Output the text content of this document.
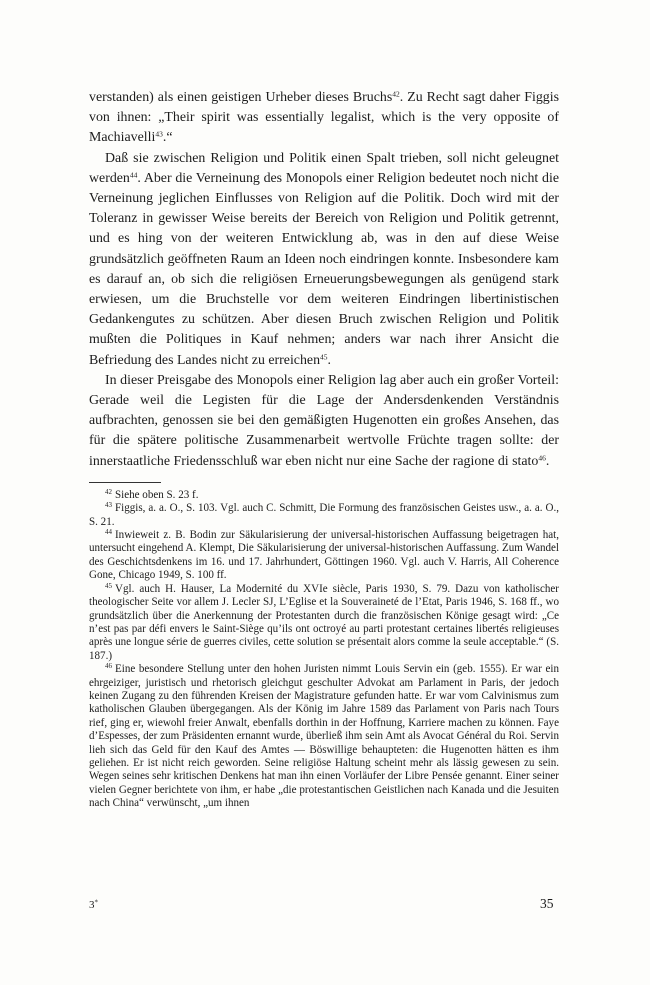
verstanden) als einen geistigen Urheber dieses Bruchs$^{42}$. Zu Recht sagt daher Figgis von ihnen: „Their spirit was essentially legalist, which is the very opposite of Machiavelli$^{43}$.“

Daß sie zwischen Religion und Politik einen Spalt trieben, soll nicht geleugnet werden$^{44}$. Aber die Verneinung des Monopols einer Religion bedeutet noch nicht die Verneinung jeglichen Einflusses von Religion auf die Politik. Doch wird mit der Toleranz in gewisser Weise bereits der Bereich von Religion und Politik getrennt, und es hing von der weiteren Entwicklung ab, was in den auf diese Weise grundsätzlich geöffneten Raum an Ideen noch eindringen konnte. Insbesondere kam es darauf an, ob sich die religiösen Erneuerungsbewegungen als genügend stark erwiesen, um die Bruchstelle vor dem weiteren Eindringen libertinistischen Gedankengutes zu schützen. Aber diesen Bruch zwischen Religion und Politik mußten die Politiques in Kauf nehmen; anders war nach ihrer Ansicht die Befriedung des Landes nicht zu erreichen$^{45}$.

In dieser Preisgabe des Monopols einer Religion lag aber auch ein großer Vorteil: Gerade weil die Legisten für die Lage der Andersdenkenden Verständnis aufbrachten, genossen sie bei den gemäßigten Hugenotten ein großes Ansehen, das für die spätere politische Zusammenarbeit wertvolle Früchte tragen sollte: der innerstaatliche Friedensschluß war eben nicht nur eine Sache der ragione di stato$^{46}$.

$^{42}$ Siehe oben S. 23 f.

$^{43}$ Figgis, a. a. O., S. 103. Vgl. auch C. Schmitt, Die Formung des französischen Geistes usw., a. a. O., S. 21.

$^{44}$ Inwieweit z. B. Bodin zur Säkularisierung der universal-historischen Auffassung beigetragen hat, untersucht eingehend A. Klempt, Die Säkularisierung der universal-historischen Auffassung. Zum Wandel des Geschichtsdenkens im 16. und 17. Jahrhundert, Göttingen 1960. Vgl. auch V. Harris, All Coherence Gone, Chicago 1949, S. 100 ff.

$^{45}$ Vgl. auch H. Hauser, La Modernité du XVIe siècle, Paris 1930, S. 79. Dazu von katholischer theologischer Seite vor allem J. Lecler SJ, L’Eglise et la Souveraineté de l’Etat, Paris 1946, S. 168 ff., wo grundsätzlich über die Anerkennung der Protestanten durch die französischen Könige gesagt wird: „Ce n’est pas par défi envers le Saint-Siège qu’ils ont octroyé au parti protestant certaines libertés religieuses après une longue série de guerres civiles, cette solution se présentait alors comme la seule acceptable.“ (S. 187.)

$^{46}$ Eine besondere Stellung unter den hohen Juristen nimmt Louis Servin ein (geb. 1555). Er war ein ehrgeiziger, juristisch und rhetorisch gleichgut geschulter Advokat am Parlament in Paris, der jedoch keinen Zugang zu den führenden Kreisen der Magistrature gefunden hatte. Er war vom Calvinismus zum katholischen Glauben übergegangen. Als der König im Jahre 1589 das Parlament von Paris nach Tours rief, ging er, wiewohl freier Anwalt, ebenfalls dorthin in der Hoffnung, Karriere machen zu können. Faye d’Espesses, der zum Präsidenten ernannt wurde, überließ ihm sein Amt als Avocat Général du Roi. Servin lieh sich das Geld für den Kauf des Amtes — Böswillige behaupteten: die Hugenotten hätten es ihm geliehen. Er ist nicht reich geworden. Seine religiöse Haltung scheint mehr als lässig gewesen zu sein. Wegen seines sehr kritischen Denkens hat man ihn einen Vorläufer der Libre Pensée genannt. Einer seiner vielen Gegner berichtete von ihm, er habe „die protestantischen Geistlichen nach Kanada und die Jesuiten nach China“ verwünscht, „um ihnen

3*	35
